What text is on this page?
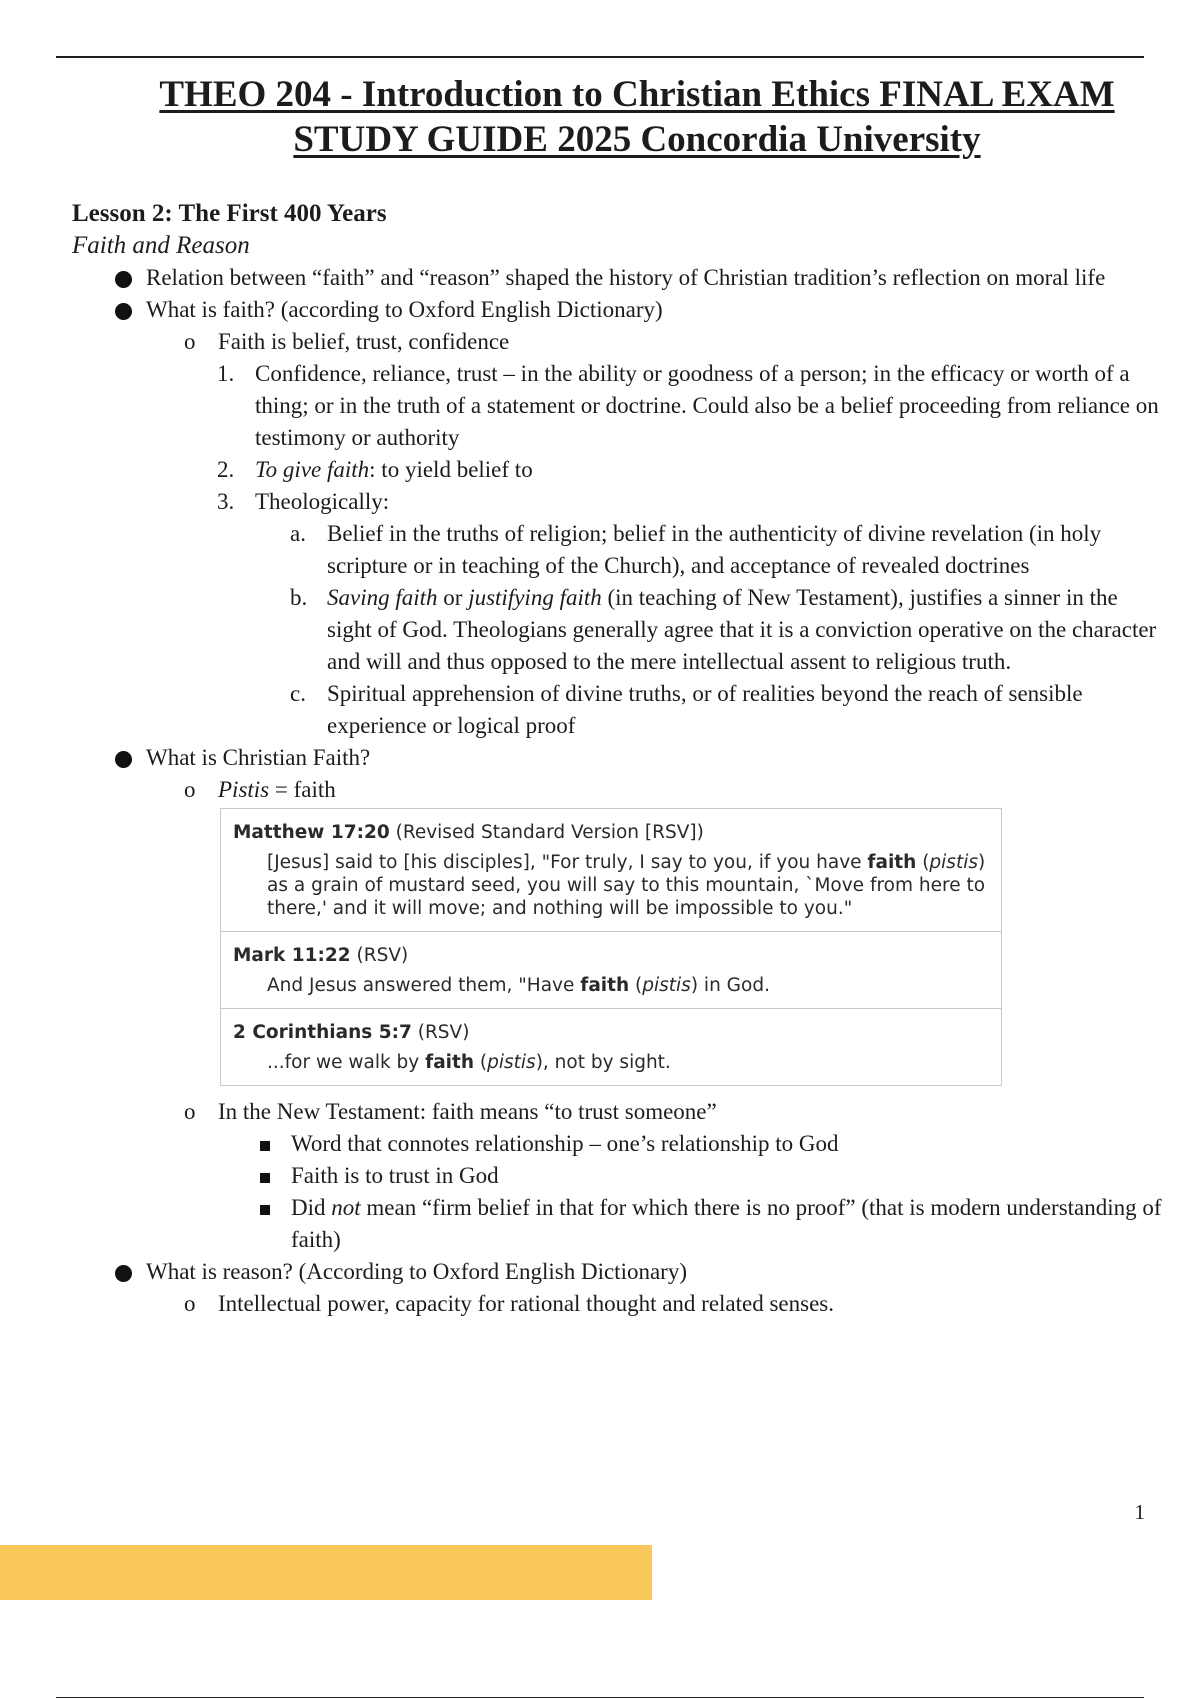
THEO 204 - Introduction to Christian Ethics FINAL EXAM
STUDY GUIDE 2025 Concordia University
Lesson 2: The First 400 Years
Faith and Reason
Relation between “faith” and “reason” shaped the history of Christian tradition’s reflection on moral life
What is faith? (according to Oxford English Dictionary)
o Faith is belief, trust, confidence
1. Confidence, reliance, trust – in the ability or goodness of a person; in the efficacy or worth of a thing; or in the truth of a statement or doctrine. Could also be a belief proceeding from reliance on testimony or authority
2. To give faith: to yield belief to
3. Theologically:
a. Belief in the truths of religion; belief in the authenticity of divine revelation (in holy scripture or in teaching of the Church), and acceptance of revealed doctrines
b. Saving faith or justifying faith (in teaching of New Testament), justifies a sinner in the sight of God. Theologians generally agree that it is a conviction operative on the character and will and thus opposed to the mere intellectual assent to religious truth.
c. Spiritual apprehension of divine truths, or of realities beyond the reach of sensible experience or logical proof
What is Christian Faith?
o Pistis = faith
Matthew 17:20 (Revised Standard Version [RSV])
[Jesus] said to [his disciples], "For truly, I say to you, if you have faith (pistis) as a grain of mustard seed, you will say to this mountain, `Move from here to there,' and it will move; and nothing will be impossible to you."
Mark 11:22 (RSV)
And Jesus answered them, "Have faith (pistis) in God.
2 Corinthians 5:7 (RSV)
...for we walk by faith (pistis), not by sight.
o In the New Testament: faith means “to trust someone”
Word that connotes relationship – one’s relationship to God
Faith is to trust in God
Did not mean “firm belief in that for which there is no proof” (that is modern understanding of faith)
What is reason? (According to Oxford English Dictionary)
o Intellectual power, capacity for rational thought and related senses.
1
